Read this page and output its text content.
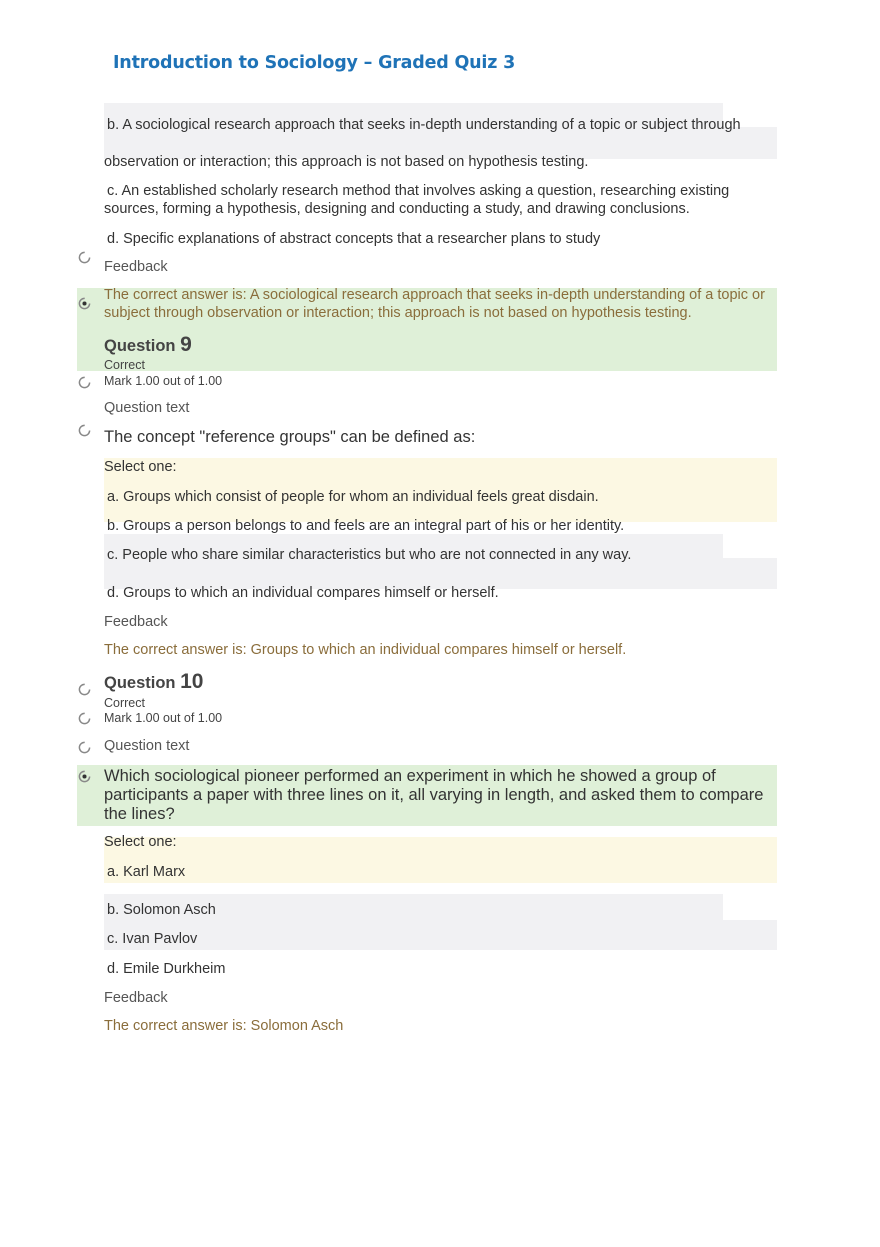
Introduction to Sociology – Graded Quiz 3
b. A sociological research approach that seeks in-depth understanding of a topic or subject through
observation or interaction; this approach is not based on hypothesis testing.
c. An established scholarly research method that involves asking a question, researching existing sources, forming a hypothesis, designing and conducting a study, and drawing conclusions.
d. Specific explanations of abstract concepts that a researcher plans to study
Feedback
The correct answer is: A sociological research approach that seeks in-depth understanding of a topic or subject through observation or interaction; this approach is not based on hypothesis testing.
Question 9
Correct
Mark 1.00 out of 1.00
Question text
The concept "reference groups" can be defined as:
Select one:
a. Groups which consist of people for whom an individual feels great disdain.
b. Groups a person belongs to and feels are an integral part of his or her identity.
c. People who share similar characteristics but who are not connected in any way.
d. Groups to which an individual compares himself or herself.
Feedback
The correct answer is: Groups to which an individual compares himself or herself.
Question 10
Correct
Mark 1.00 out of 1.00
Question text
Which sociological pioneer performed an experiment in which he showed a group of participants a paper with three lines on it, all varying in length, and asked them to compare the lines?
Select one:
a. Karl Marx
b. Solomon Asch
c. Ivan Pavlov
d. Emile Durkheim
Feedback
The correct answer is: Solomon Asch
